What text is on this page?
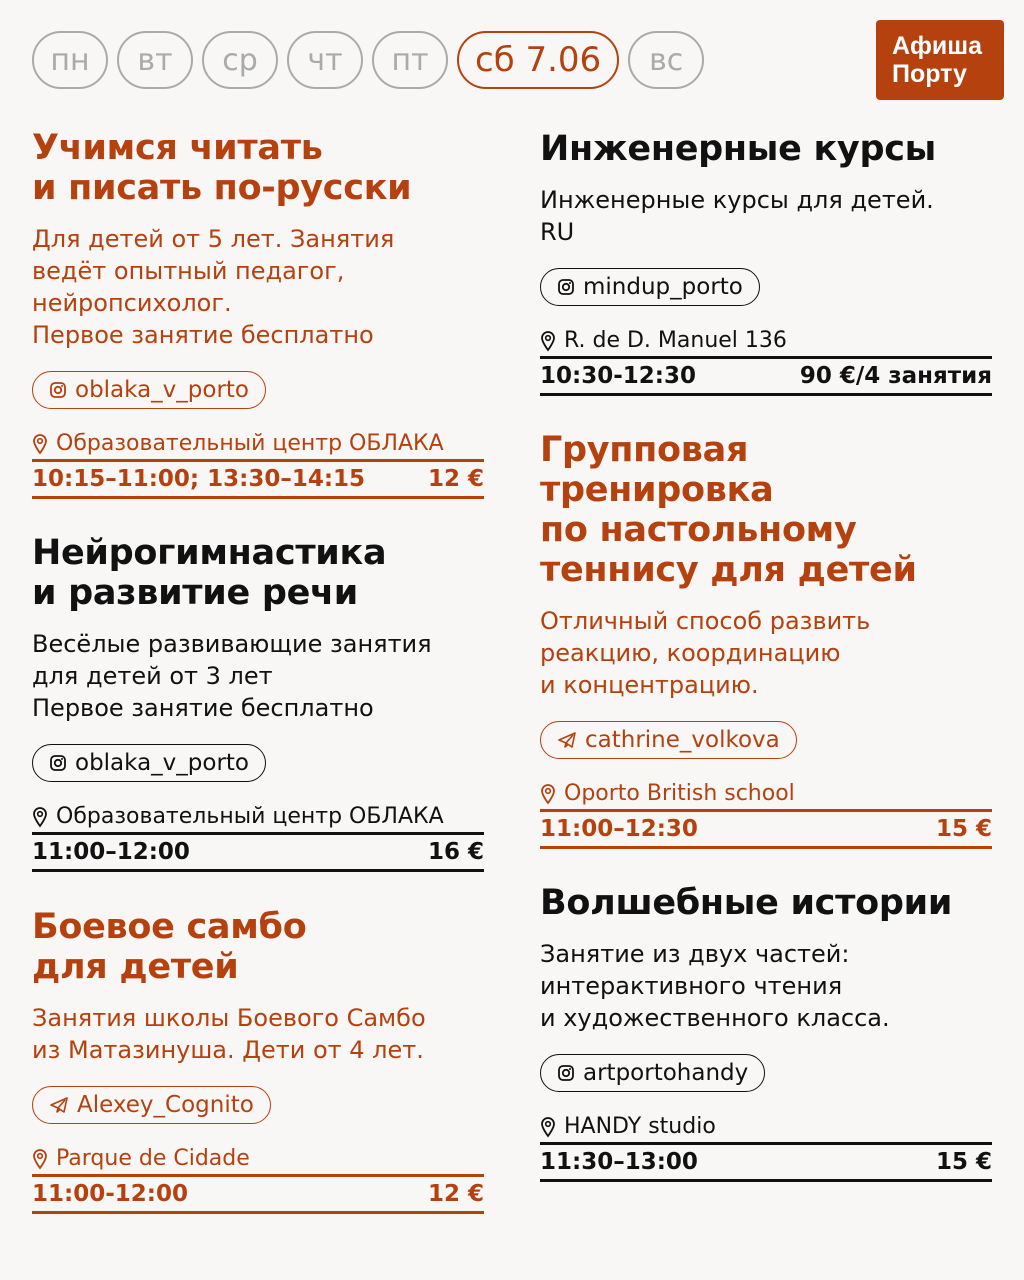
пн	вт	ср	чт	пт	сб 7.06	вс	Афиша
Порту
Учимся читать
и писать по-русски
Для детей от 5 лет. Занятия
ведёт опытный педагог,
нейропсихолог.
Первое занятие бесплатно
oblaka_v_porto
Образовательный центр ОБЛАКА
10:15–11:00; 13:30–14:15	12 €
Нейрогимнастика
и развитие речи
Весёлые развивающие занятия
для детей от 3 лет
Первое занятие бесплатно
oblaka_v_porto
Образовательный центр ОБЛАКА
11:00–12:00	16 €
Боевое самбо
для детей
Занятия школы Боевого Самбо
из Матазинуша. Дети от 4 лет.
Alexey_Cognito
Parque de Cidade
11:00-12:00	12 €
Инженерные курсы
Инженерные курсы для детей.
RU
mindup_porto
R. de D. Manuel 136
10:30-12:30	90 €/4 занятия
Групповая
тренировка
по настольному
теннису для детей
Отличный способ развить
реакцию, координацию
и концентрацию.
cathrine_volkova
Oporto British school
11:00–12:30	15 €
Волшебные истории
Занятие из двух частей:
интерактивного чтения
и художественного класса.
artportohandy
HANDY studio
11:30–13:00	15 €
